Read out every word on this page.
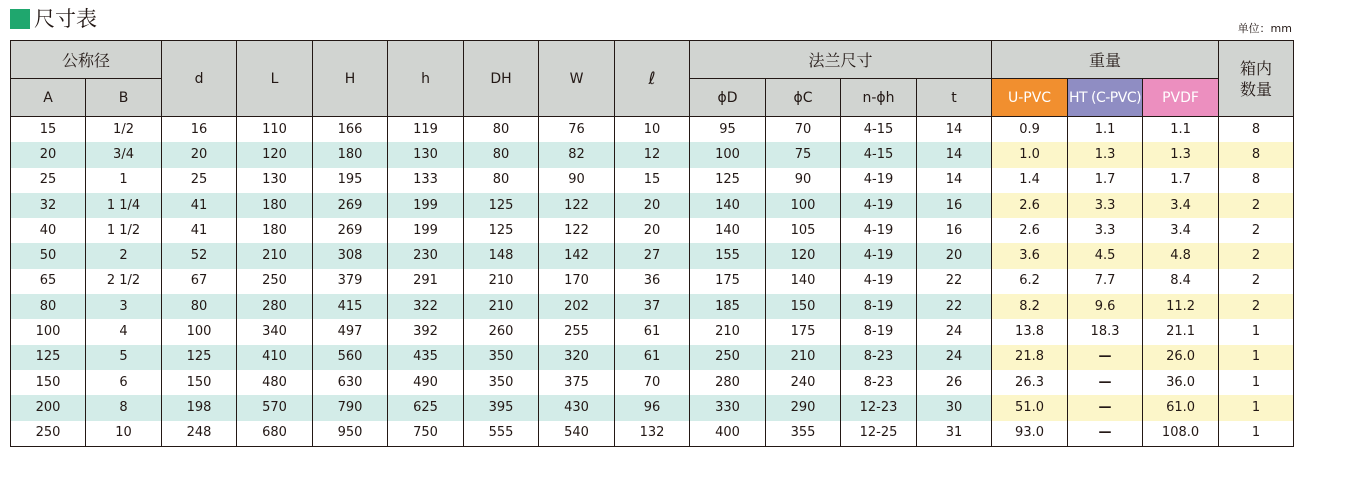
尺寸表	单位：mm
公称径		d	L	H	h	DH	W	ℓ	法兰尺寸				重量			箱内数量
A	B								ϕD	ϕC	n-ϕh	t	U-PVC	HT (C-PVC)	PVDF	
15	1/2	16	110	166	119	80	76	10	95	70	4-15	14	0.9	1.1	1.1	8
20	3/4	20	120	180	130	80	82	12	100	75	4-15	14	1.0	1.3	1.3	8
25	1	25	130	195	133	80	90	15	125	90	4-19	14	1.4	1.7	1.7	8
32	1 1/4	41	180	269	199	125	122	20	140	100	4-19	16	2.6	3.3	3.4	2
40	1 1/2	41	180	269	199	125	122	20	140	105	4-19	16	2.6	3.3	3.4	2
50	2	52	210	308	230	148	142	27	155	120	4-19	20	3.6	4.5	4.8	2
65	2 1/2	67	250	379	291	210	170	36	175	140	4-19	22	6.2	7.7	8.4	2
80	3	80	280	415	322	210	202	37	185	150	8-19	22	8.2	9.6	11.2	2
100	4	100	340	497	392	260	255	61	210	175	8-19	24	13.8	18.3	21.1	1
125	5	125	410	560	435	350	320	61	250	210	8-23	24	21.8	—	26.0	1
150	6	150	480	630	490	350	375	70	280	240	8-23	26	26.3	—	36.0	1
200	8	198	570	790	625	395	430	96	330	290	12-23	30	51.0	—	61.0	1
250	10	248	680	950	750	555	540	132	400	355	12-25	31	93.0	—	108.0	1
